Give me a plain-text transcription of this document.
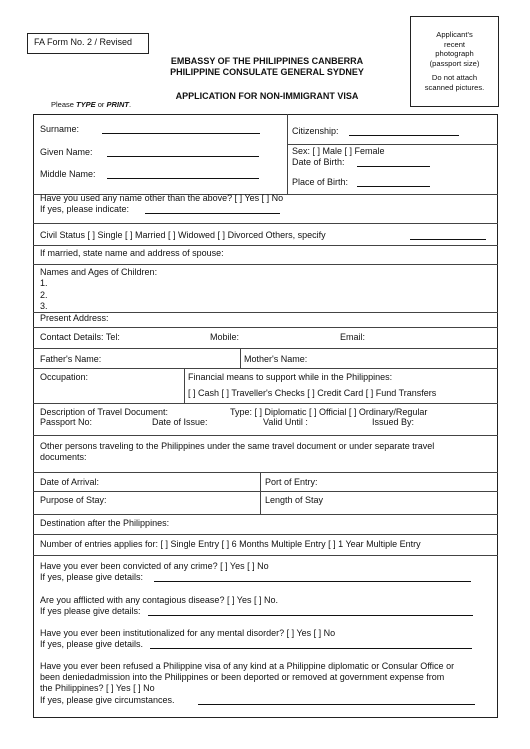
FA Form No. 2 / Revised
EMBASSY OF THE PHILIPPINES CANBERRA
PHILIPPINE CONSULATE GENERAL SYDNEY
APPLICATION FOR NON-IMMIGRANT VISA
Please TYPE or PRINT.
Applicant's
recent
photograph
(passport size)
Do not attach
scanned pictures.
Surname:
Given Name:
Middle Name:
Citizenship:
Sex: [ ] Male [ ] Female
Date of Birth:
Place of Birth:
Have you used any name other than the above? [ ] Yes [ ] No
If yes, please indicate:
Civil Status [ ] Single [ ] Married [ ] Widowed [ ] Divorced Others, specify
If married, state name and address of spouse:
Names and Ages of Children:
1.
2.
3.
Present Address:
Contact Details: Tel:	Mobile:	Email:
Father's Name:	Mother's Name:
Occupation:	Financial means to support while in the Philippines:
[ ] Cash [ ] Traveller's Checks [ ] Credit Card [ ] Fund Transfers
Description of Travel Document:	Type: [ ] Diplomatic [ ] Official [ ] Ordinary/Regular
Passport No:	Date of Issue:	Valid Until :	Issued By:
Other persons traveling to the Philippines under the same travel document or under separate travel
documents:
Date of Arrival:	Port of Entry:
Purpose of Stay:	Length of Stay
Destination after the Philippines:
Number of entries applies for: [ ] Single Entry [ ] 6 Months Multiple Entry [ ] 1 Year Multiple Entry
Have you ever been convicted of any crime? [ ] Yes [ ] No
If yes, please give details:
Are you afflicted with any contagious disease? [ ] Yes [ ] No.
If yes please give details:
Have you ever been institutionalized for any mental disorder? [ ] Yes [ ] No
If yes, please give details.
Have you ever been refused a Philippine visa of any kind at a Philippine diplomatic or Consular Office or
been deniedadmission into the Philippines or been deported or removed at government expense from
the Philippines? [ ] Yes [ ] No
If yes, please give circumstances.
